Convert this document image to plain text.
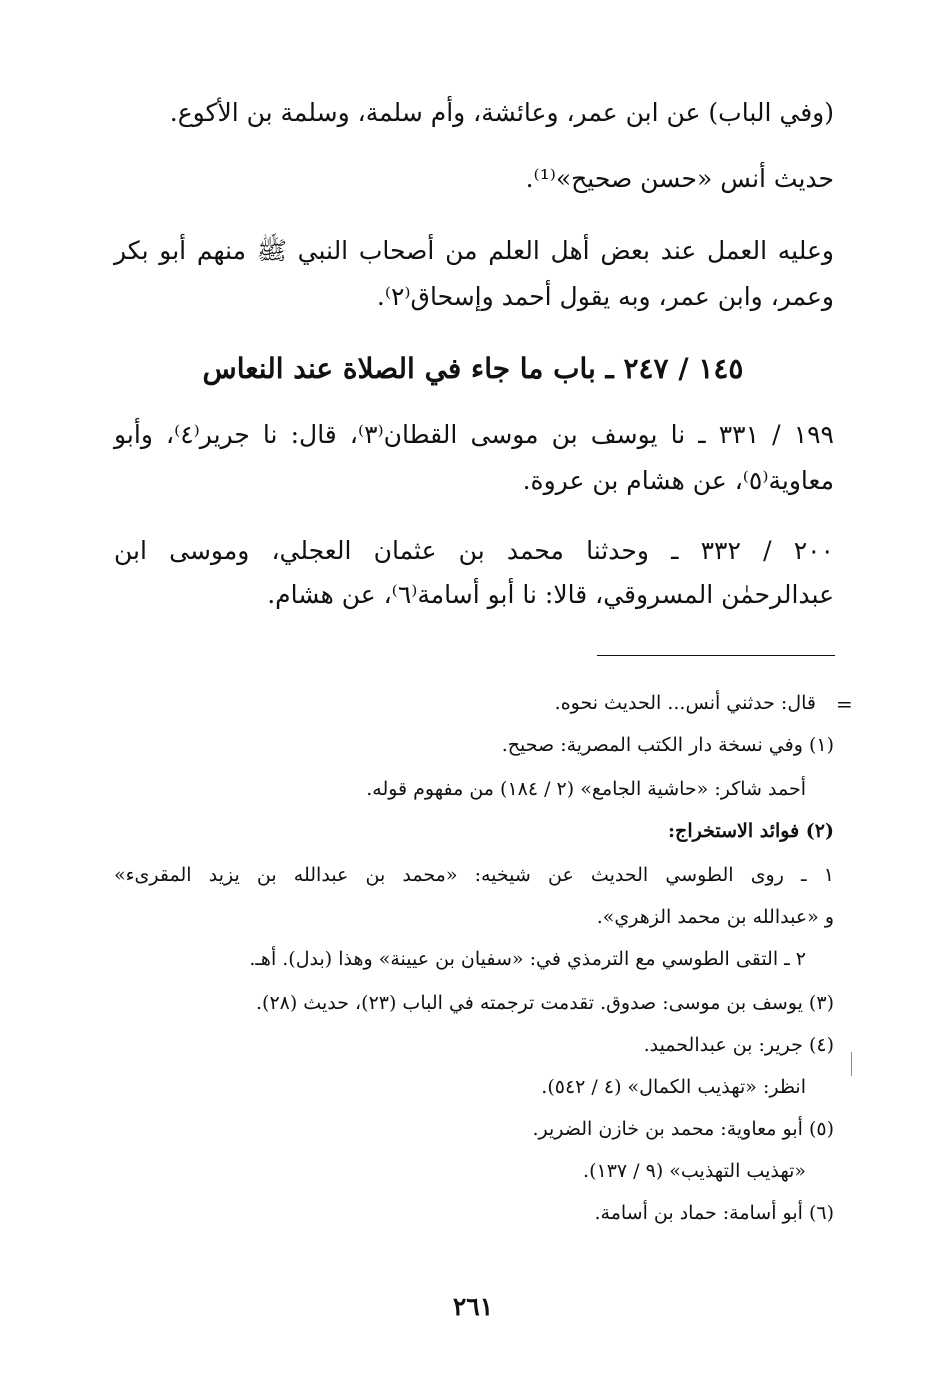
(وفي الباب) عن ابن عمر، وعائشة، وأم سلمة، وسلمة بن الأكوع.
حديث أنس «حسن صحيح»⁽¹⁾.
وعليه العمل عند بعض أهل العلم من أصحاب النبي ﷺ منهم أبو بكر
وعمر، وابن عمر، وبه يقول أحمد وإسحاق⁽٢⁾.
١٤٥ / ٢٤٧ ـ باب ما جاء في الصلاة عند النعاس
١٩٩ / ٣٣١ ـ نا يوسف بن موسى القطان⁽٣⁾، قال: نا جرير⁽٤⁾، وأبو
معاوية⁽٥⁾، عن هشام بن عروة.
٢٠٠ / ٣٣٢ ـ وحدثنا محمد بن عثمان العجلي، وموسى ابن
عبدالرحمٰن المسروقي، قالا: نا أبو أسامة⁽٦⁾، عن هشام.
=
قال: حدثني أنس... الحديث نحوه.
(١) وفي نسخة دار الكتب المصرية: صحيح.
أحمد شاكر: «حاشية الجامع» (٢ / ١٨٤) من مفهوم قوله.
(٢) فوائد الاستخراج:
١ ـ روى الطوسي الحديث عن شيخيه: «محمد بن عبدالله بن يزيد المقرىء»
و «عبدالله بن محمد الزهري».
٢ ـ التقى الطوسي مع الترمذي في: «سفيان بن عيينة» وهذا (بدل). أهـ.
(٣) يوسف بن موسى: صدوق. تقدمت ترجمته في الباب (٢٣)، حديث (٢٨).
(٤) جرير: بن عبدالحميد.
انظر: «تهذيب الكمال» (٤ / ٥٤٢).
(٥) أبو معاوية: محمد بن خازن الضرير.
«تهذيب التهذيب» (٩ / ١٣٧).
(٦) أبو أسامة: حماد بن أسامة.
٢٦١
